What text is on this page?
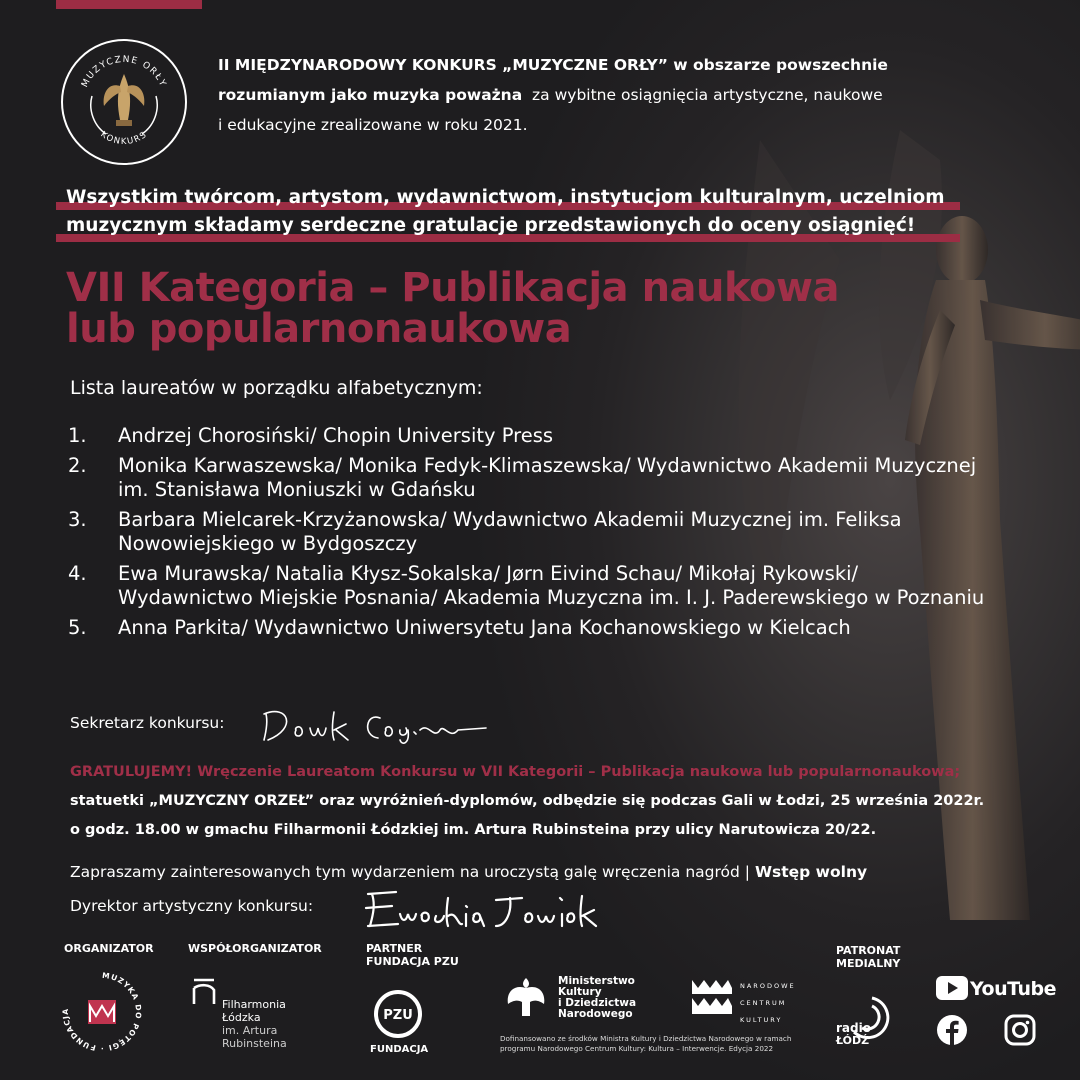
MUZYCZNE ORŁY
KONKURS
II MIĘDZYNARODOWY KONKURS „MUZYCZNE ORŁY” w obszarze powszechnie
rozumianym jako muzyka poważna za wybitne osiągnięcia artystyczne, naukowe
i edukacyjne zrealizowane w roku 2021.
Wszystkim twórcom, artystom, wydawnictwom, instytucjom kulturalnym, uczelniom
muzycznym składamy serdeczne gratulacje przedstawionych do oceny osiągnięć!
VII Kategoria – Publikacja naukowa
lub popularnonaukowa
Lista laureatów w porządku alfabetycznym:
1.	Andrzej Chorosiński/ Chopin University Press
2.	Monika Karwaszewska/ Monika Fedyk-Klimaszewska/ Wydawnictwo Akademii Muzycznej im. Stanisława Moniuszki w Gdańsku
3.	Barbara Mielcarek-Krzyżanowska/ Wydawnictwo Akademii Muzycznej im. Feliksa Nowowiejskiego w Bydgoszczy
4.	Ewa Murawska/ Natalia Kłysz-Sokalska/ Jørn Eivind Schau/ Mikołaj Rykowski/ Wydawnictwo Miejskie Posnania/ Akademia Muzyczna im. I. J. Paderewskiego w Poznaniu
5.	Anna Parkita/ Wydawnictwo Uniwersytetu Jana Kochanowskiego w Kielcach
Sekretarz konkursu:
GRATULUJEMY! Wręczenie Laureatom Konkursu w VII Kategorii – Publikacja naukowa lub popularnonaukowa;
statuetki „MUZYCZNY ORZEŁ” oraz wyróżnień-dyplomów, odbędzie się podczas Gali w Łodzi, 25 września 2022r.
o godz. 18.00 w gmachu Filharmonii Łódzkiej im. Artura Rubinsteina przy ulicy Narutowicza 20/22.
Zapraszamy zainteresowanych tym wydarzeniem na uroczystą galę wręczenia nagród | Wstęp wolny
Dyrektor artystyczny konkursu:
ORGANIZATOR
MUZYKA DO POTĘGI · FUNDACJA
WSPÓŁORGANIZATOR
Filharmonia
Łódzka
im. Artura
Rubinsteina
PARTNER
FUNDACJA PZU
PZU
FUNDACJA
Ministerstwo
Kultury
i Dziedzictwa
Narodowego
NARODOWE
CENTRUM
KULTURY
Dofinansowano ze środków Ministra Kultury i Dziedzictwa Narodowego w ramach programu Narodowego Centrum Kultury: Kultura – Interwencje. Edycja 2022
PATRONAT
MEDIALNY
radio
ŁÓDŹ
YouTube
